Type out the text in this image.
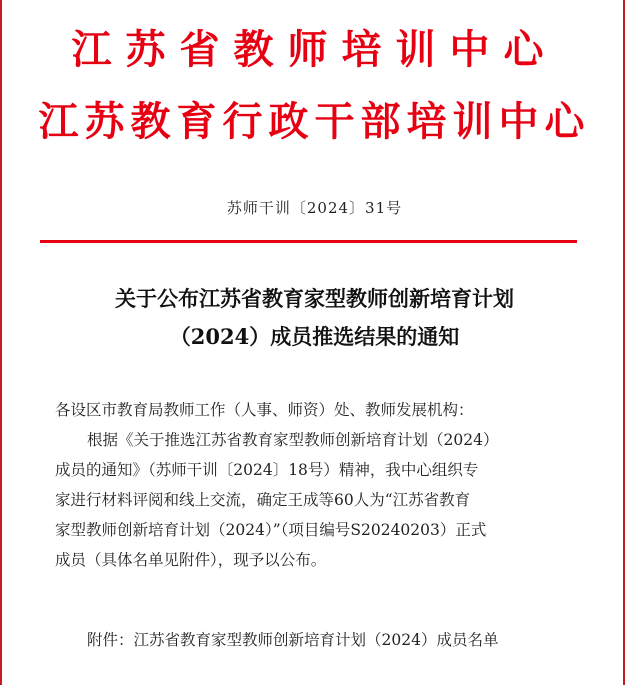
江苏省教师培训中心
江苏教育行政干部培训中心
苏师干训〔2024〕31号
关于公布江苏省教育家型教师创新培育计划
（2024）成员推选结果的通知
各设区市教育局教师工作（人事、师资）处、教师发展机构：
根据《关于推选江苏省教育家型教师创新培育计划（2024）
成员的通知》（苏师干训〔2024〕18号）精神，我中心组织专
家进行材料评阅和线上交流，确定王成等60人为“江苏省教育
家型教师创新培育计划（2024）”（项目编号S20240203）正式
成员（具体名单见附件），现予以公布。
附件：江苏省教育家型教师创新培育计划（2024）成员名单
